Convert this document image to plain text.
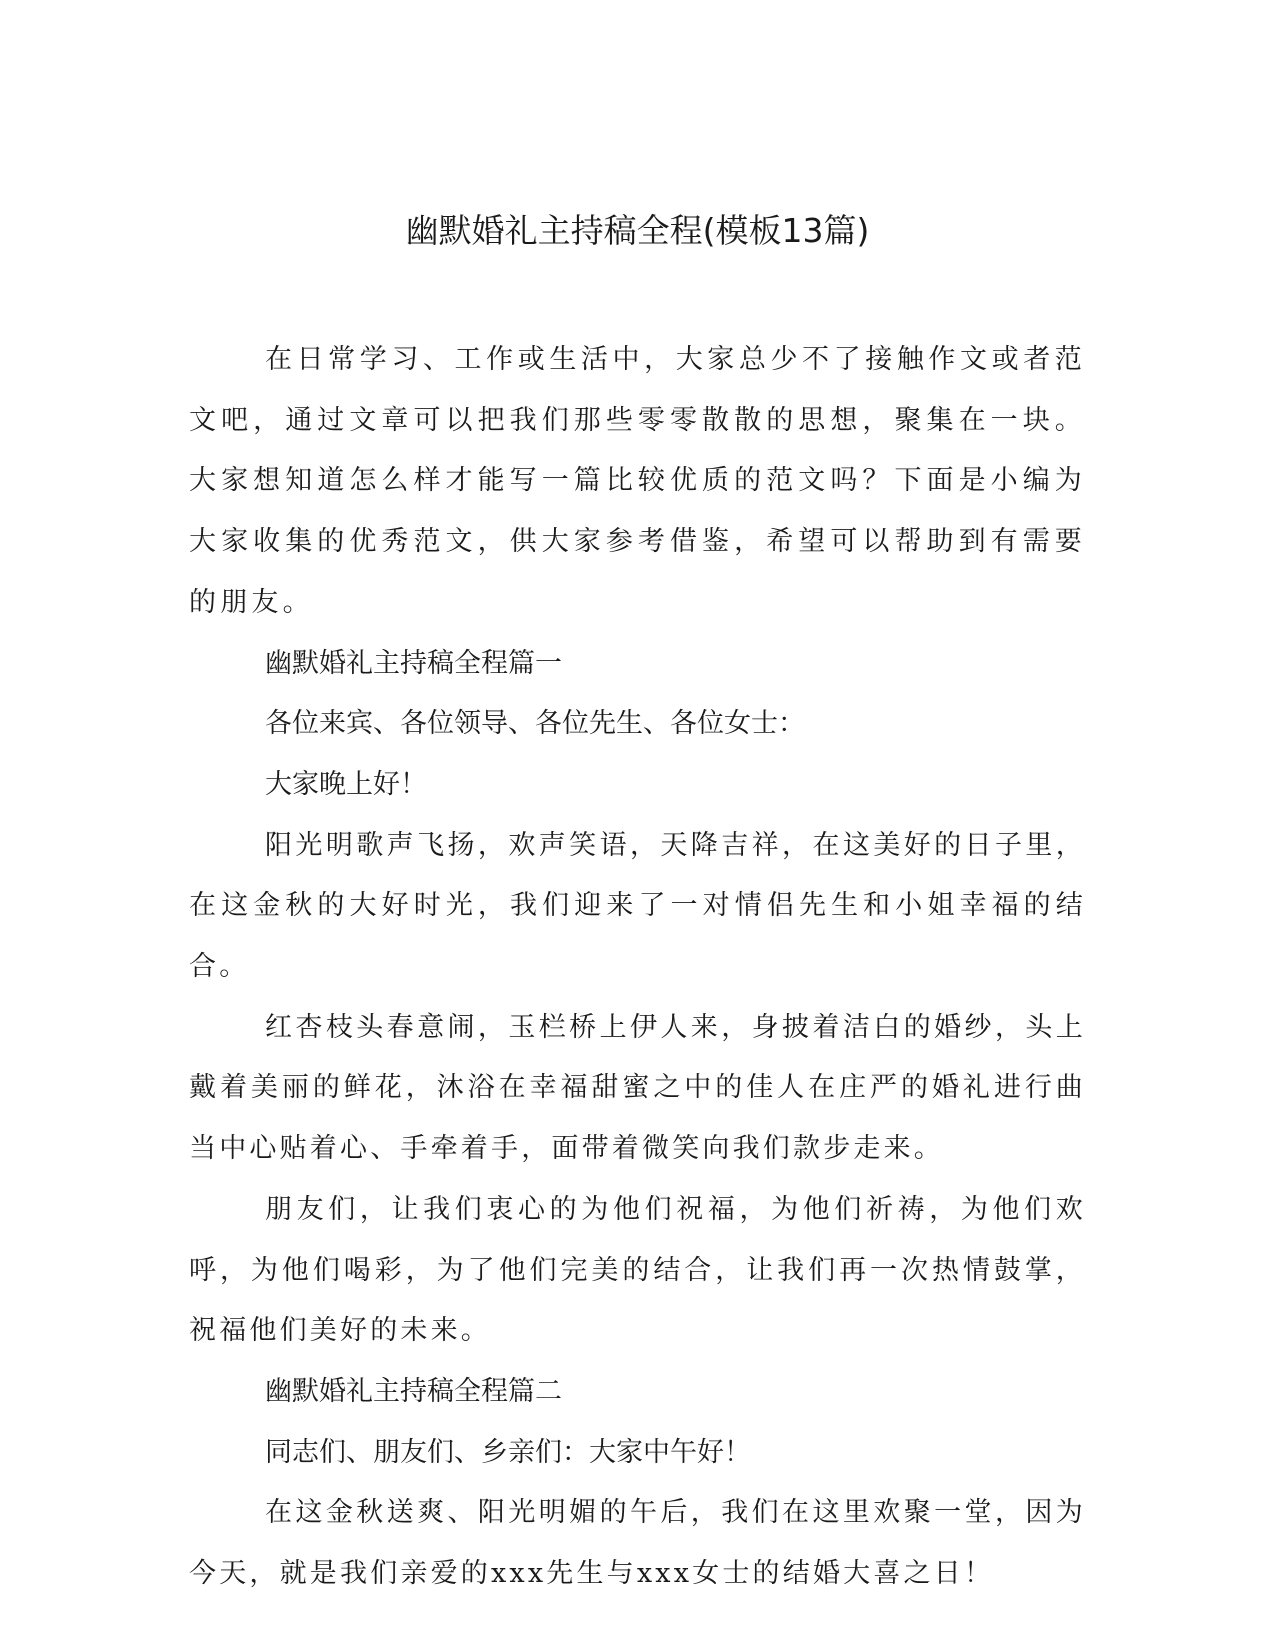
幽默婚礼主持稿全程(模板13篇)

在日常学习、工作或生活中，大家总少不了接触作文或者范文吧，通过文章可以把我们那些零零散散的思想，聚集在一块。大家想知道怎么样才能写一篇比较优质的范文吗？下面是小编为大家收集的优秀范文，供大家参考借鉴，希望可以帮助到有需要的朋友。

幽默婚礼主持稿全程篇一

各位来宾、各位领导、各位先生、各位女士：

大家晚上好！

阳光明歌声飞扬，欢声笑语，天降吉祥，在这美好的日子里，在这金秋的大好时光，我们迎来了一对情侣先生和小姐幸福的结合。

红杏枝头春意闹，玉栏桥上伊人来，身披着洁白的婚纱，头上戴着美丽的鲜花，沐浴在幸福甜蜜之中的佳人在庄严的婚礼进行曲当中心贴着心、手牵着手，面带着微笑向我们款步走来。

朋友们，让我们衷心的为他们祝福，为他们祈祷，为他们欢呼，为他们喝彩，为了他们完美的结合，让我们再一次热情鼓掌，祝福他们美好的未来。

幽默婚礼主持稿全程篇二

同志们、朋友们、乡亲们：大家中午好！

在这金秋送爽、阳光明媚的午后，我们在这里欢聚一堂，因为今天，就是我们亲爱的xxx先生与xxx女士的结婚大喜之日！
